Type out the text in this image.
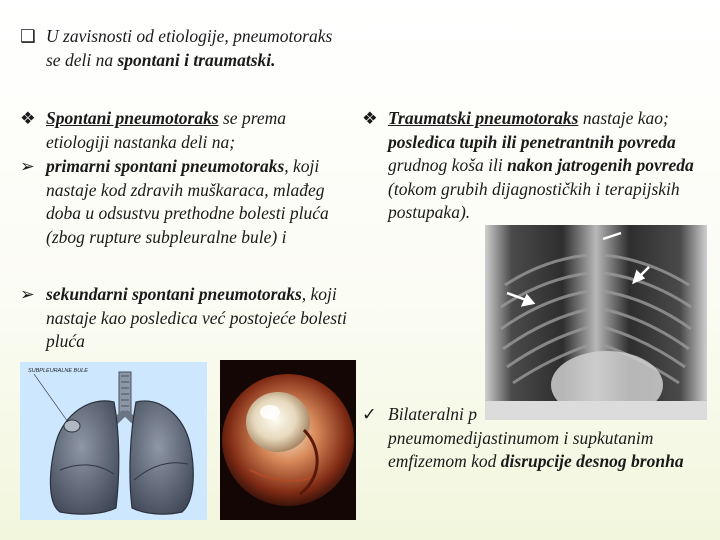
❑ U zavisnosti od etiologije, pneumotoraks se deli na spontani i traumatski.
❖ Spontani pneumotoraks se prema etiologiji nastanka deli na;
➢ primarni spontani pneumotoraks, koji nastaje kod zdravih muškaraca, mlađeg doba u odsustvu prethodne bolesti pluća (zbog rupture subpleuralne bule) i
➢ sekundarni spontani pneumotoraks, koji nastaje kao posledica već postojeće bolesti pluća
❖ Traumatski pneumotoraks nastaje kao; posledica tupih ili penetrantnih povreda grudnog koša ili nakon jatrogenih povreda (tokom grubih dijagnostičkih i terapijskih postupaka).
✓ Bilateralni p
pneumomedijastinumom i supkutanim emfizemom kod disrupcije desnog bronha
SUBPLEURALNE BULE
